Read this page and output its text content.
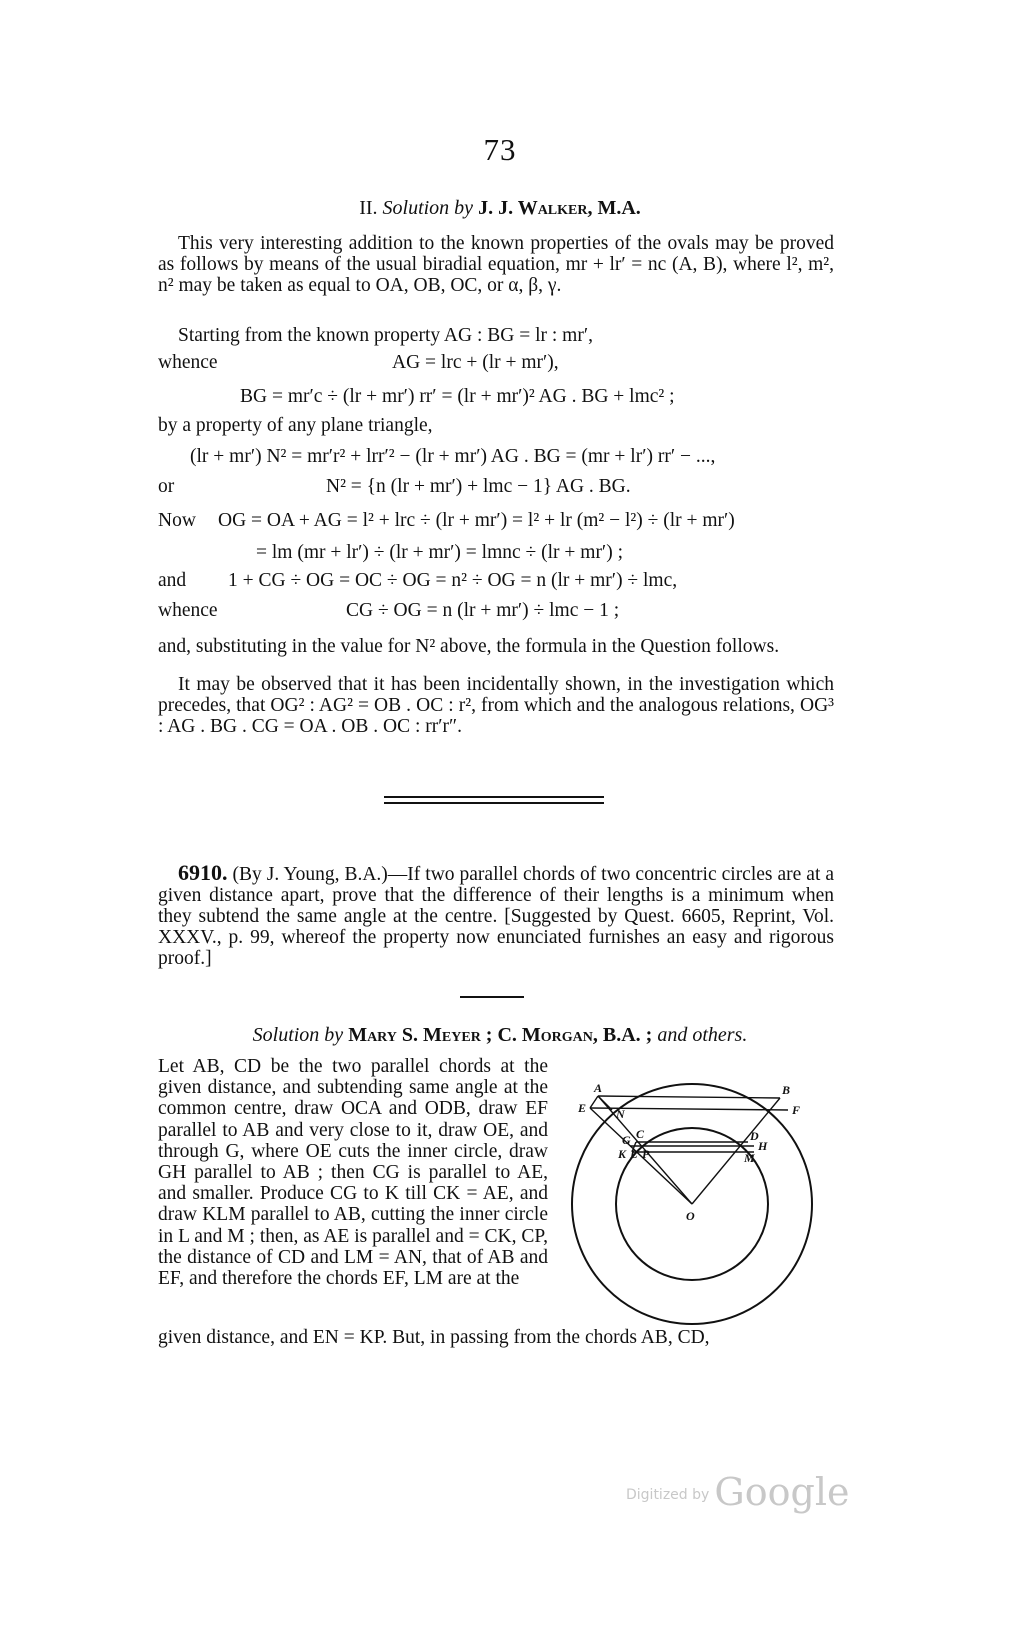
73
II. Solution by J. J. Walker, M.A.

This very interesting addition to the known properties of the ovals may be proved as follows by means of the usual biradial equation, mr + lr′ = nc (A, B), where l², m², n² may be taken as equal to OA, OB, OC, or α, β, γ.

Starting from the known property AG : BG = lr : mr′,
whence	AG = lrc + (lr + mr′),
BG = mr′c ÷ (lr + mr′) rr′ = (lr + mr′)² AG . BG + lmc² ;
by a property of any plane triangle,
(lr + mr′) N² = mr′r² + lrr′² − (lr + mr′) AG . BG = (mr + lr′) rr′ − ...,
or	N² = {n (lr + mr′) + lmc − 1} AG . BG.
Now OG = OA + AG = l² + lrc ÷ (lr + mr′) = l² + lr (m² − l²) ÷ (lr + mr′)
= lm (mr + lr′) ÷ (lr + mr′) = lmnc ÷ (lr + mr′) ;
and 1 + CG ÷ OG = OC ÷ OG = n² ÷ OG = n (lr + mr′) ÷ lmc,
whence	CG ÷ OG = n (lr + mr′) ÷ lmc − 1 ;

and, substituting in the value for N² above, the formula in the Question follows.

It may be observed that it has been incidentally shown, in the investigation which precedes, that OG² : AG² = OB . OC : r², from which and the analogous relations, OG³ : AG . BG . CG = OA . OB . OC : rr′r″.

6910. (By J. Young, B.A.)—If two parallel chords of two concentric circles are at a given distance apart, prove that the difference of their lengths is a minimum when they subtend the same angle at the centre. [Suggested by Quest. 6605, Reprint, Vol. XXXV., p. 99, whereof the property now enunciated furnishes an easy and rigorous proof.]

Solution by Mary S. Meyer ; C. Morgan, B.A. ; and others.

Let AB, CD be the two parallel chords at the given distance, and subtending same angle at the common centre, draw OCA and ODB, draw EF parallel to AB and very close to it, draw OE, and through G, where OE cuts the inner circle, draw GH parallel to AB ; then CG is parallel to AE, and smaller. Produce CG to K till CK = AE, and draw KLM parallel to AB, cutting the inner circle in L and M ; then, as AE is parallel and = CK, CP, the distance of CD and LM = AN, that of AB and EF, and therefore the chords EF, LM are at the

given distance, and EN = KP. But, in passing from the chords AB, CD,
A	B
E	F
N
G C	D
K L P
H
M
O
Digitized by Google
